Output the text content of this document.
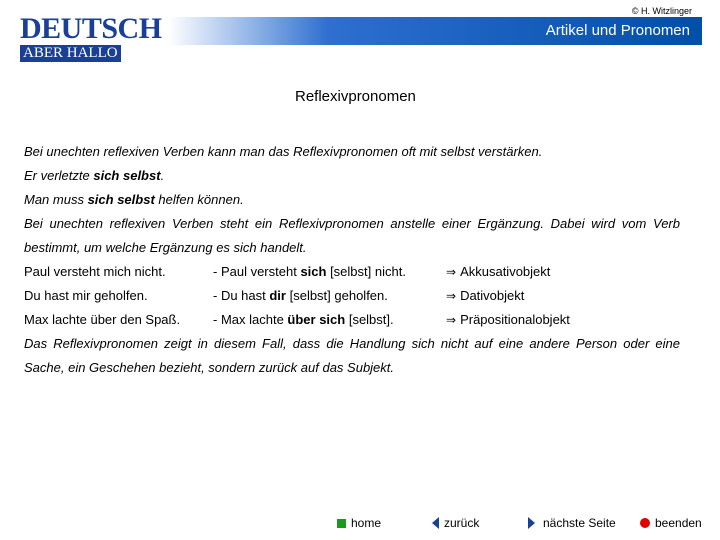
© H. Witzlinger
DEUTSCH
ABER HALLO
Artikel und Pronomen
Reflexivpronomen

Bei unechten reflexiven Verben kann man das Reflexivpronomen oft mit selbst verstärken.

Er verletzte sich selbst.

Man muss sich selbst helfen können.

Bei unechten reflexiven Verben steht ein Reflexivpronomen anstelle einer Ergänzung. Dabei wird vom Verb bestimmt, um welche Ergänzung es sich handelt.

Paul versteht mich nicht.	- Paul versteht sich [selbst] nicht.	⇒ Akkusativobjekt
Du hast mir geholfen.	- Du hast dir [selbst] geholfen.	⇒ Dativobjekt
Max lachte über den Spaß.	- Max lachte über sich [selbst].	⇒ Präpositionalobjekt

Das Reflexivpronomen zeigt in diesem Fall, dass die Handlung sich nicht auf eine andere Person oder eine Sache, ein Geschehen bezieht, sondern zurück auf das Subjekt.

home	zurück	nächste Seite	beenden
